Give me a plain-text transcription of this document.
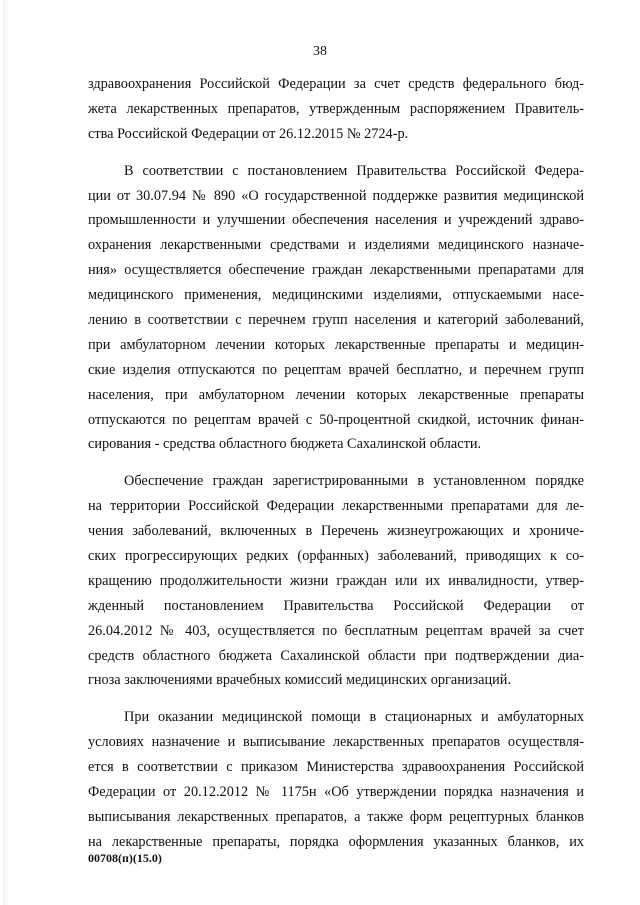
38
здравоохранения Российской Федерации за счет средств федерального бюд-
жета лекарственных препаратов, утвержденным распоряжением Правитель-
ства Российской Федерации от 26.12.2015 № 2724-р.
В соответствии с постановлением Правительства Российской Федера-
ции от 30.07.94 № 890 «О государственной поддержке развития медицинской
промышленности и улучшении обеспечения населения и учреждений здраво-
охранения лекарственными средствами и изделиями медицинского назначе-
ния» осуществляется обеспечение граждан лекарственными препаратами для
медицинского применения, медицинскими изделиями, отпускаемыми насе-
лению в соответствии с перечнем групп населения и категорий заболеваний,
при амбулаторном лечении которых лекарственные препараты и медицин-
ские изделия отпускаются по рецептам врачей бесплатно, и перечнем групп
населения, при амбулаторном лечении которых лекарственные препараты
отпускаются по рецептам врачей с 50-процентной скидкой, источник финан-
сирования - средства областного бюджета Сахалинской области.
Обеспечение граждан зарегистрированными в установленном порядке
на территории Российской Федерации лекарственными препаратами для ле-
чения заболеваний, включенных в Перечень жизнеугрожающих и хрониче-
ских прогрессирующих редких (орфанных) заболеваний, приводящих к со-
кращению продолжительности жизни граждан или их инвалидности, утвер-
жденный постановлением Правительства Российской Федерации от
26.04.2012 № 403, осуществляется по бесплатным рецептам врачей за счет
средств областного бюджета Сахалинской области при подтверждении диа-
гноза заключениями врачебных комиссий медицинских организаций.
При оказании медицинской помощи в стационарных и амбулаторных
условиях назначение и выписывание лекарственных препаратов осуществля-
ется в соответствии с приказом Министерства здравоохранения Российской
Федерации от 20.12.2012 № 1175н «Об утверждении порядка назначения и
выписывания лекарственных препаратов, а также форм рецептурных бланков
на лекарственные препараты, порядка оформления указанных бланков, их
00708(п)(15.0)
